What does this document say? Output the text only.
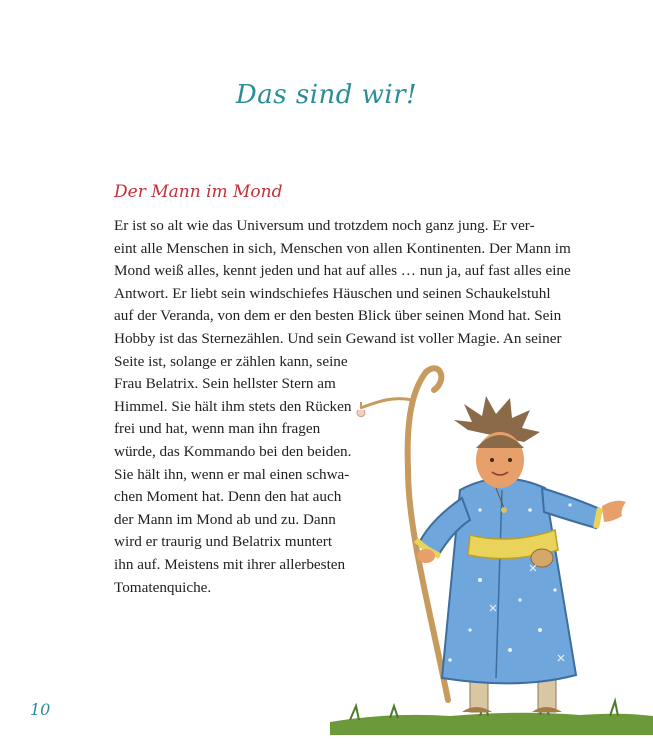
Das sind wir!
Der Mann im Mond
Er ist so alt wie das Universum und trotzdem noch ganz jung. Er ver-
eint alle Menschen in sich, Menschen von allen Kontinenten. Der Mann im
Mond weiß alles, kennt jeden und hat auf alles … nun ja, auf fast alles eine
Antwort. Er liebt sein windschiefes Häuschen und seinen Schaukelstuhl
auf der Veranda, von dem er den besten Blick über seinen Mond hat. Sein
Hobby ist das Sternezählen. Und sein Gewand ist voller Magie. An seiner
Seite ist, solange er zählen kann, seine
Frau Belatrix. Sein hellster Stern am
Himmel. Sie hält ihm stets den Rücken
frei und hat, wenn man ihn fragen
würde, das Kommando bei den beiden.
Sie hält ihn, wenn er mal einen schwa-
chen Moment hat. Denn den hat auch
der Mann im Mond ab und zu. Dann
wird er traurig und Belatrix muntert
ihn auf. Meistens mit ihrer allerbesten
Tomatenquiche.
10
